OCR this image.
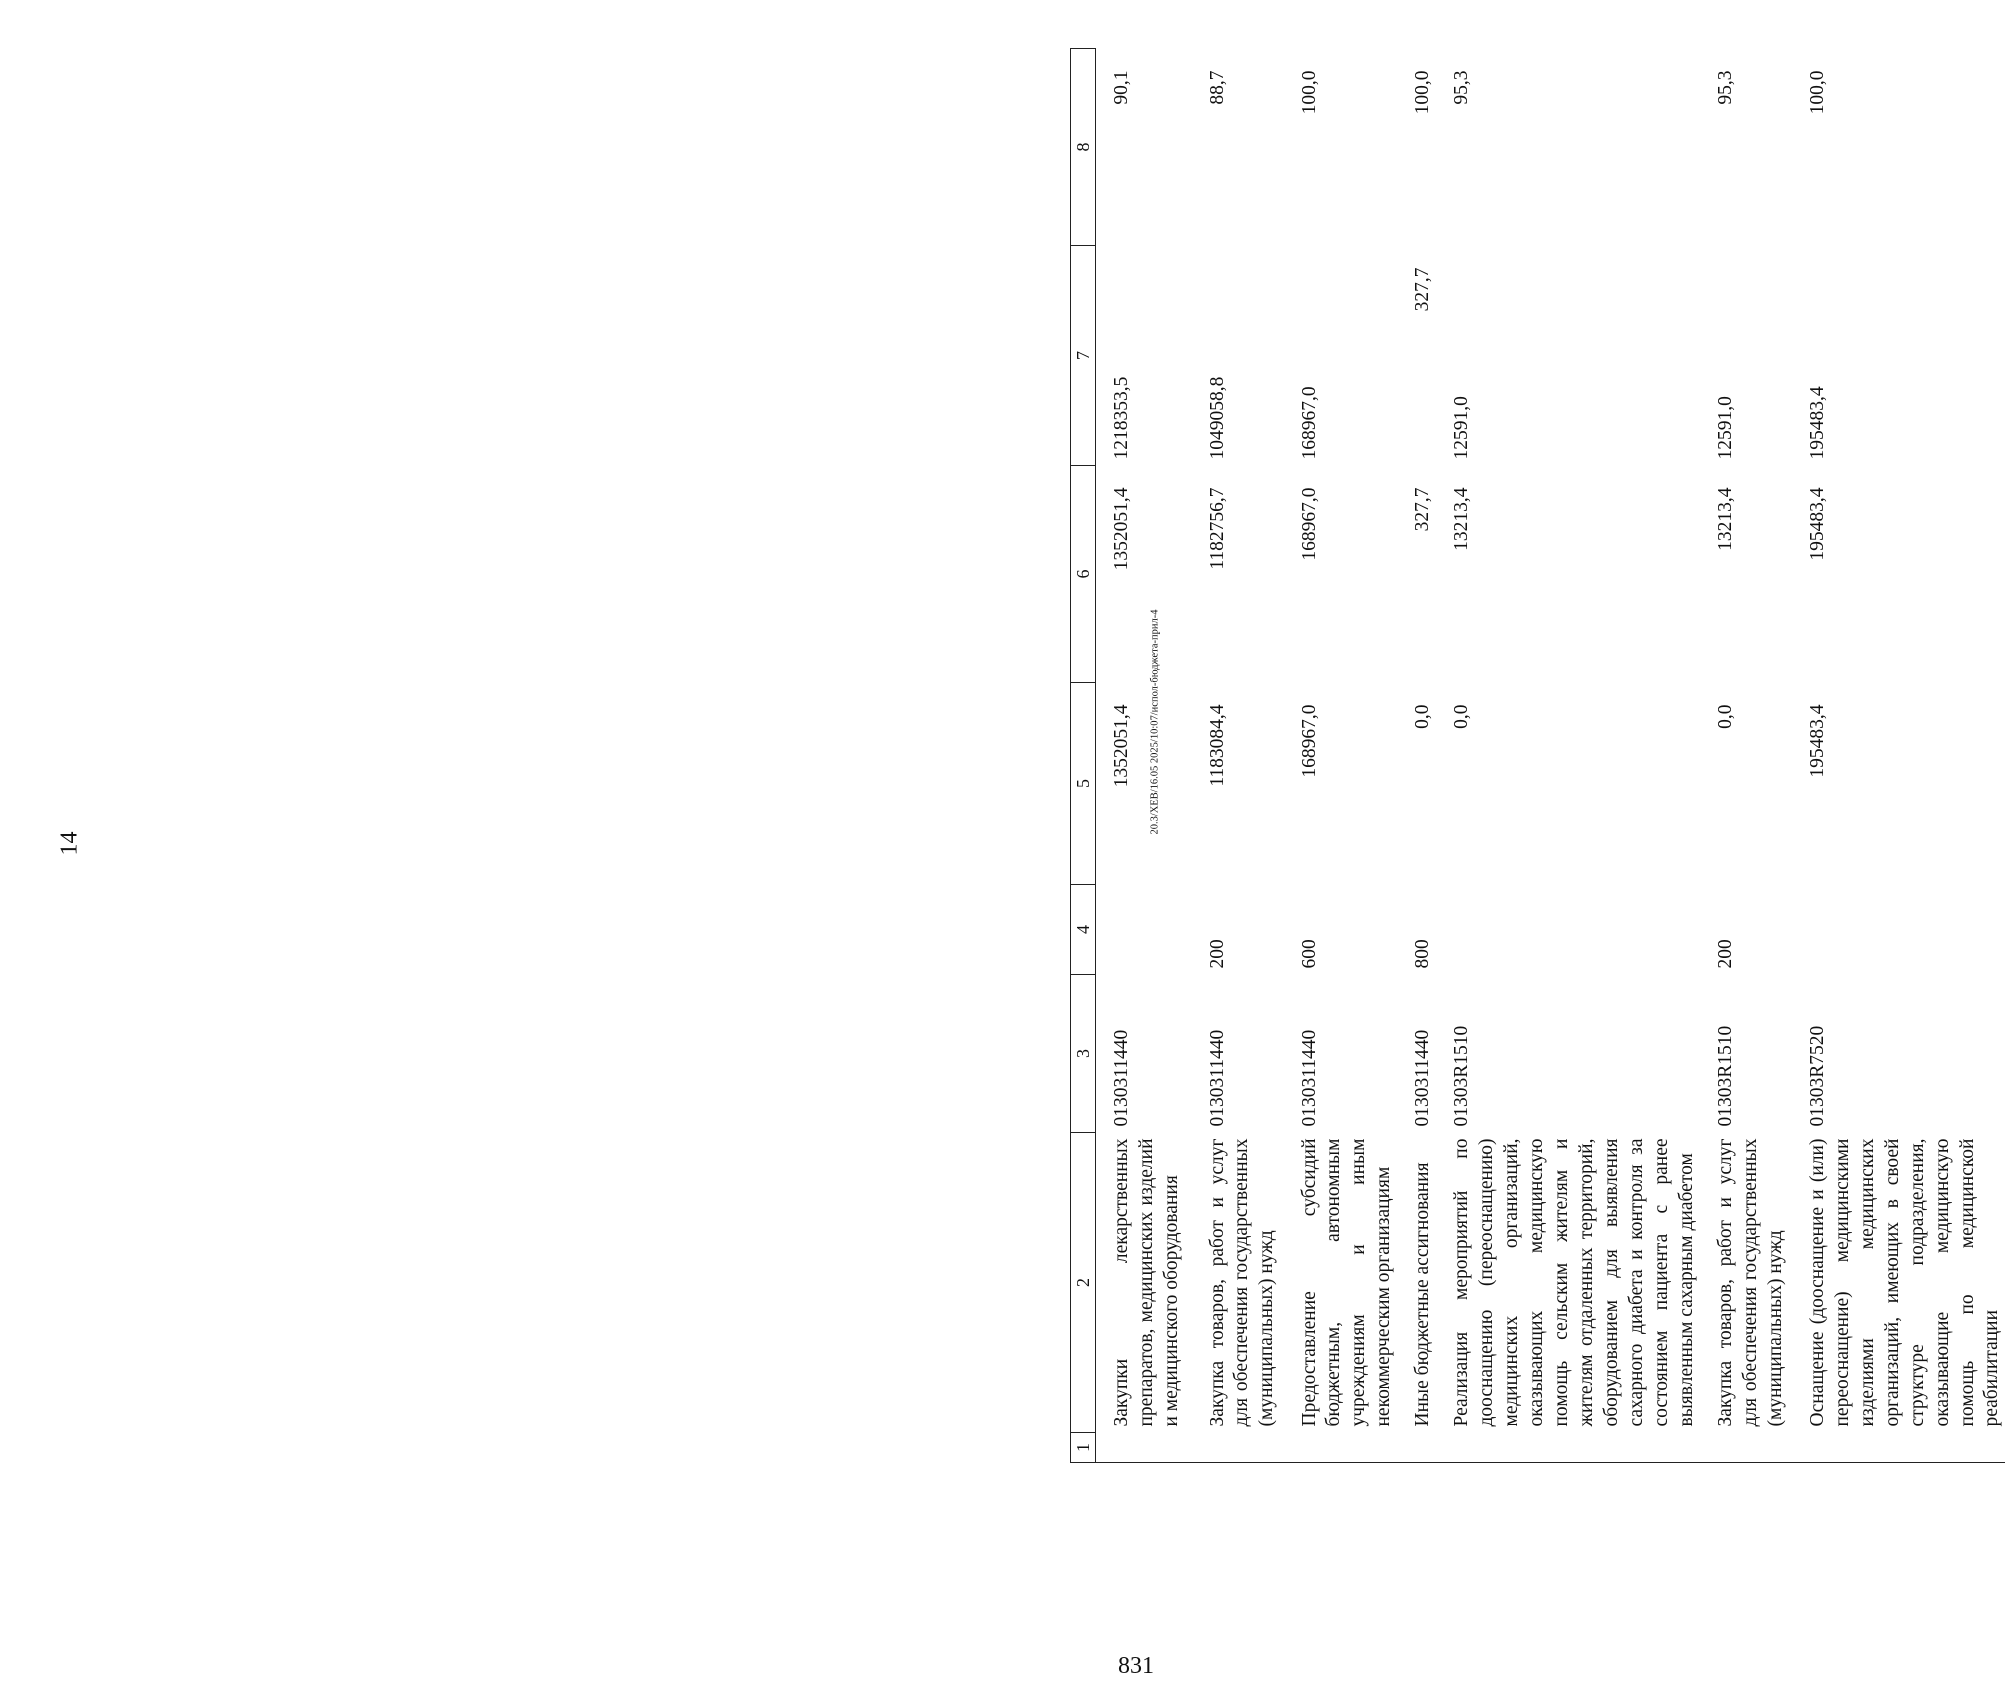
14
831
20.3/XEB/16.05 2025/10:07/испол-бюджета-прил-4
1	2	3	4	5	6	7	8
	Закупки лекарственных препаратов, медицинских изделий и медицинского оборудования	0130311440		1352051,4	1352051,4	1218353,5	90,1
	Закупка товаров, работ и услуг для обеспечения государственных (муниципальных) нужд	0130311440	200	1183084,4	1182756,7	1049058,8	88,7
	Предоставление субсидий бюджетным, автономным учреждениям и иным некоммерческим организациям	0130311440	600	168967,0	168967,0	168967,0	100,0
	Иные бюджетные ассигнования	0130311440	800	0,0	327,7	327,7	100,0
	Реализация мероприятий по дооснащению (переоснащению) медицинских организаций, оказывающих медицинскую помощь сельским жителям и жителям отдаленных территорий, оборудованием для выявления сахарного диабета и контроля за состоянием пациента с ранее выявленным сахарным диабетом	01303R1510		0,0	13213,4	12591,0	95,3
	Закупка товаров, работ и услуг для обеспечения государственных (муниципальных) нужд	01303R1510	200	0,0	13213,4	12591,0	95,3
	Оснащение (дооснащение и (или) переоснащение) медицинскими изделиями медицинских организаций, имеющих в своей структуре подразделения, оказывающие медицинскую помощь по медицинской реабилитации	01303R7520		195483,4	195483,4	195483,4	100,0
